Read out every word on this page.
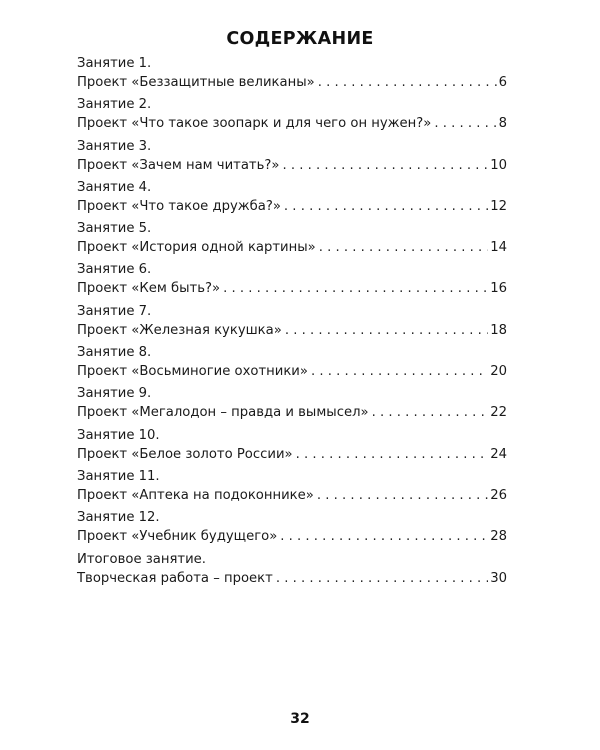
СОДЕРЖАНИЕ
Занятие 1.
Проект «Беззащитные великаны» . . .	6
Занятие 2.
Проект «Что такое зоопарк и для чего он нужен?» . . .	8
Занятие 3.
Проект «Зачем нам читать?» . . .	10
Занятие 4.
Проект «Что такое дружба?» . . .	12
Занятие 5.
Проект «История одной картины» . . .	14
Занятие 6.
Проект «Кем быть?» . . .	16
Занятие 7.
Проект «Железная кукушка» . . .	18
Занятие 8.
Проект «Восьминогие охотники» . . .	20
Занятие 9.
Проект «Мегалодон – правда и вымысел» . . .	22
Занятие 10.
Проект «Белое золото России» . . .	24
Занятие 11.
Проект «Аптека на подоконнике» . . .	26
Занятие 12.
Проект «Учебник будущего» . . .	28
Итоговое занятие.
Творческая работа – проект . . .	30
32
